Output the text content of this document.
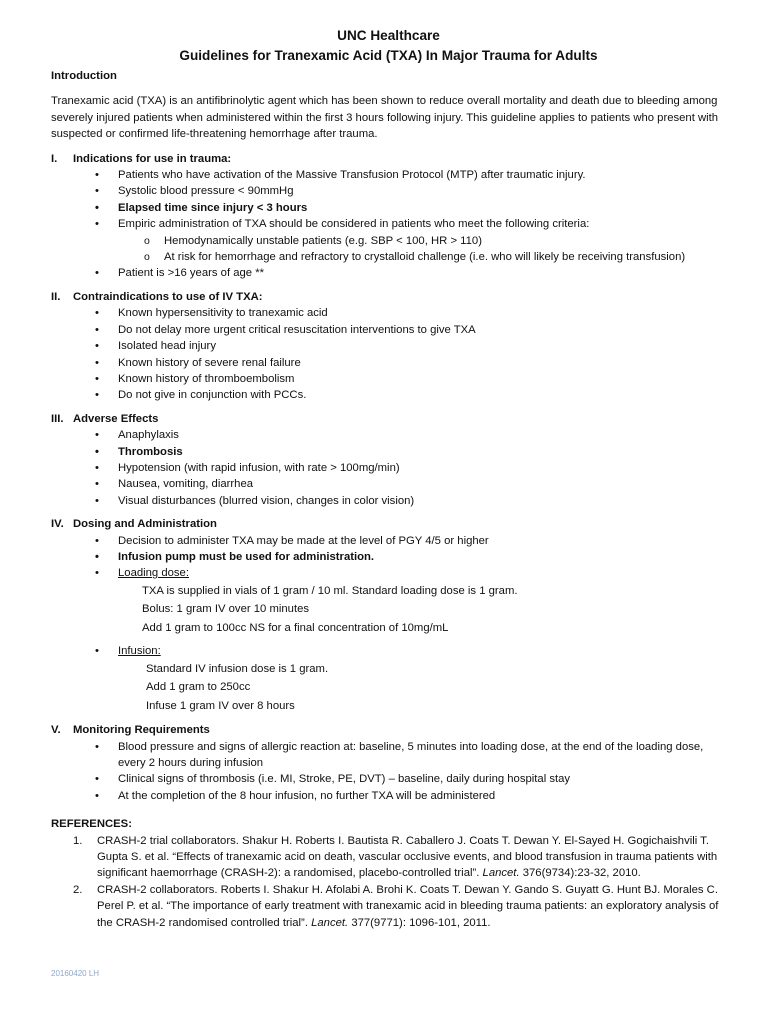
UNC Healthcare
Guidelines for Tranexamic Acid (TXA) In Major Trauma for Adults
Introduction

Tranexamic acid (TXA) is an antifibrinolytic agent which has been shown to reduce overall mortality and death due to bleeding among severely injured patients when administered within the first 3 hours following injury. This guideline applies to patients who present with suspected or confirmed life-threatening hemorrhage after trauma.

I. Indications for use in trauma:
• Patients who have activation of the Massive Transfusion Protocol (MTP) after traumatic injury.
• Systolic blood pressure < 90mmHg
• Elapsed time since injury < 3 hours
• Empiric administration of TXA should be considered in patients who meet the following criteria:
o Hemodynamically unstable patients (e.g. SBP < 100, HR > 110)
o At risk for hemorrhage and refractory to crystalloid challenge (i.e. who will likely be receiving transfusion)
• Patient is >16 years of age **
II. Contraindications to use of IV TXA:
• Known hypersensitivity to tranexamic acid
• Do not delay more urgent critical resuscitation interventions to give TXA
• Isolated head injury
• Known history of severe renal failure
• Known history of thromboembolism
• Do not give in conjunction with PCCs.
III. Adverse Effects
• Anaphylaxis
• Thrombosis
• Hypotension (with rapid infusion, with rate > 100mg/min)
• Nausea, vomiting, diarrhea
• Visual disturbances (blurred vision, changes in color vision)
IV. Dosing and Administration
• Decision to administer TXA may be made at the level of PGY 4/5 or higher
• Infusion pump must be used for administration.
• Loading dose:
TXA is supplied in vials of 1 gram / 10 ml. Standard loading dose is 1 gram.
Bolus: 1 gram IV over 10 minutes
Add 1 gram to 100cc NS for a final concentration of 10mg/mL
• Infusion:
Standard IV infusion dose is 1 gram.
Add 1 gram to 250cc
Infuse 1 gram IV over 8 hours
V. Monitoring Requirements
• Blood pressure and signs of allergic reaction at: baseline, 5 minutes into loading dose, at the end of the loading dose, every 2 hours during infusion
• Clinical signs of thrombosis (i.e. MI, Stroke, PE, DVT) – baseline, daily during hospital stay
• At the completion of the 8 hour infusion, no further TXA will be administered
REFERENCES:
1. CRASH-2 trial collaborators. Shakur H. Roberts I. Bautista R. Caballero J. Coats T. Dewan Y. El-Sayed H. Gogichaishvili T. Gupta S. et al. “Effects of tranexamic acid on death, vascular occlusive events, and blood transfusion in trauma patients with significant haemorrhage (CRASH-2): a randomised, placebo-controlled trial”. Lancet. 376(9734):23-32, 2010.
2. CRASH-2 collaborators. Roberts I. Shakur H. Afolabi A. Brohi K. Coats T. Dewan Y. Gando S. Guyatt G. Hunt BJ. Morales C. Perel P. et al. “The importance of early treatment with tranexamic acid in bleeding trauma patients: an exploratory analysis of the CRASH-2 randomised controlled trial”. Lancet. 377(9771): 1096-101, 2011.
20160420 LH
